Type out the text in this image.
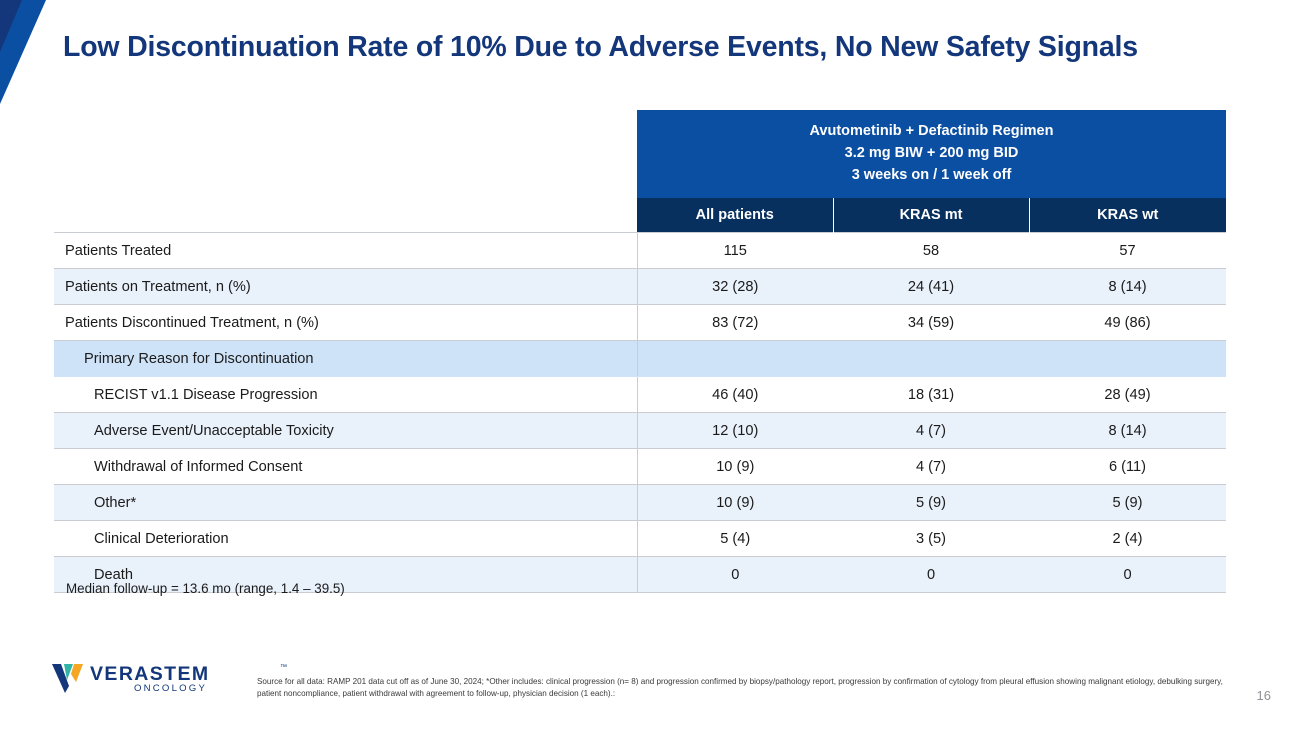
Low Discontinuation Rate of 10% Due to Adverse Events, No New Safety Signals

	Avutometinib + Defactinib Regimen
3.2 mg BIW + 200 mg BID
3 weeks on / 1 week off		

	All patients	KRAS mt	KRAS wt
Patients Treated	115	58	57
Patients on Treatment, n (%)	32 (28)	24 (41)	8 (14)
Patients Discontinued Treatment, n (%)	83 (72)	34 (59)	49 (86)
Primary Reason for Discontinuation			
RECIST v1.1 Disease Progression	46 (40)	18 (31)	28 (49)
Adverse Event/Unacceptable Toxicity	12 (10)	4 (7)	8 (14)
Withdrawal of Informed Consent	10 (9)	4 (7)	6 (11)
Other*	10 (9)	5 (9)	5 (9)
Clinical Deterioration	5 (4)	3 (5)	2 (4)
Death	0	0	0
Median follow-up = 13.6 mo (range, 1.4 – 39.5)
VERASTEM
ONCOLOGY
™
Source for all data: RAMP 201 data cut off as of June 30, 2024; *Other includes: clinical progression (n= 8) and progression confirmed by biopsy/pathology report, progression by confirmation of cytology from pleural effusion showing malignant etiology, debulking surgery, patient noncompliance, patient withdrawal with agreement to follow-up, physician decision (1 each).:	16
